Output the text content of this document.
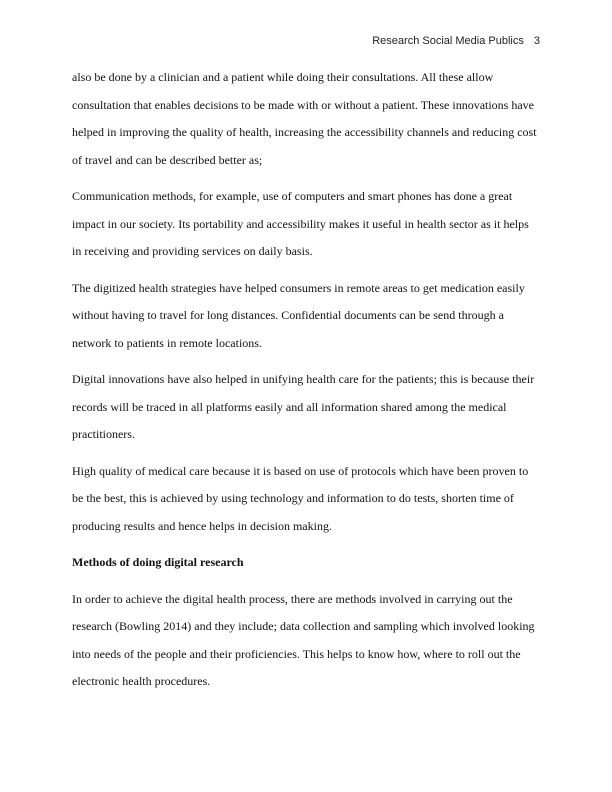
Research Social Media Publics 3

also be done by a clinician and a patient while doing their consultations. All these allow consultation that enables decisions to be made with or without a patient. These innovations have helped in improving the quality of health, increasing the accessibility channels and reducing cost of travel and can be described better as;

Communication methods, for example, use of computers and smart phones has done a great impact in our society. Its portability and accessibility makes it useful in health sector as it helps in receiving and providing services on daily basis.

The digitized health strategies have helped consumers in remote areas to get medication easily without having to travel for long distances. Confidential documents can be send through a network to patients in remote locations.

Digital innovations have also helped in unifying health care for the patients; this is because their records will be traced in all platforms easily and all information shared among the medical practitioners.

High quality of medical care because it is based on use of protocols which have been proven to be the best, this is achieved by using technology and information to do tests, shorten time of producing results and hence helps in decision making.

Methods of doing digital research

In order to achieve the digital health process, there are methods involved in carrying out the research (Bowling 2014) and they include; data collection and sampling which involved looking into needs of the people and their proficiencies. This helps to know how, where to roll out the electronic health procedures.
